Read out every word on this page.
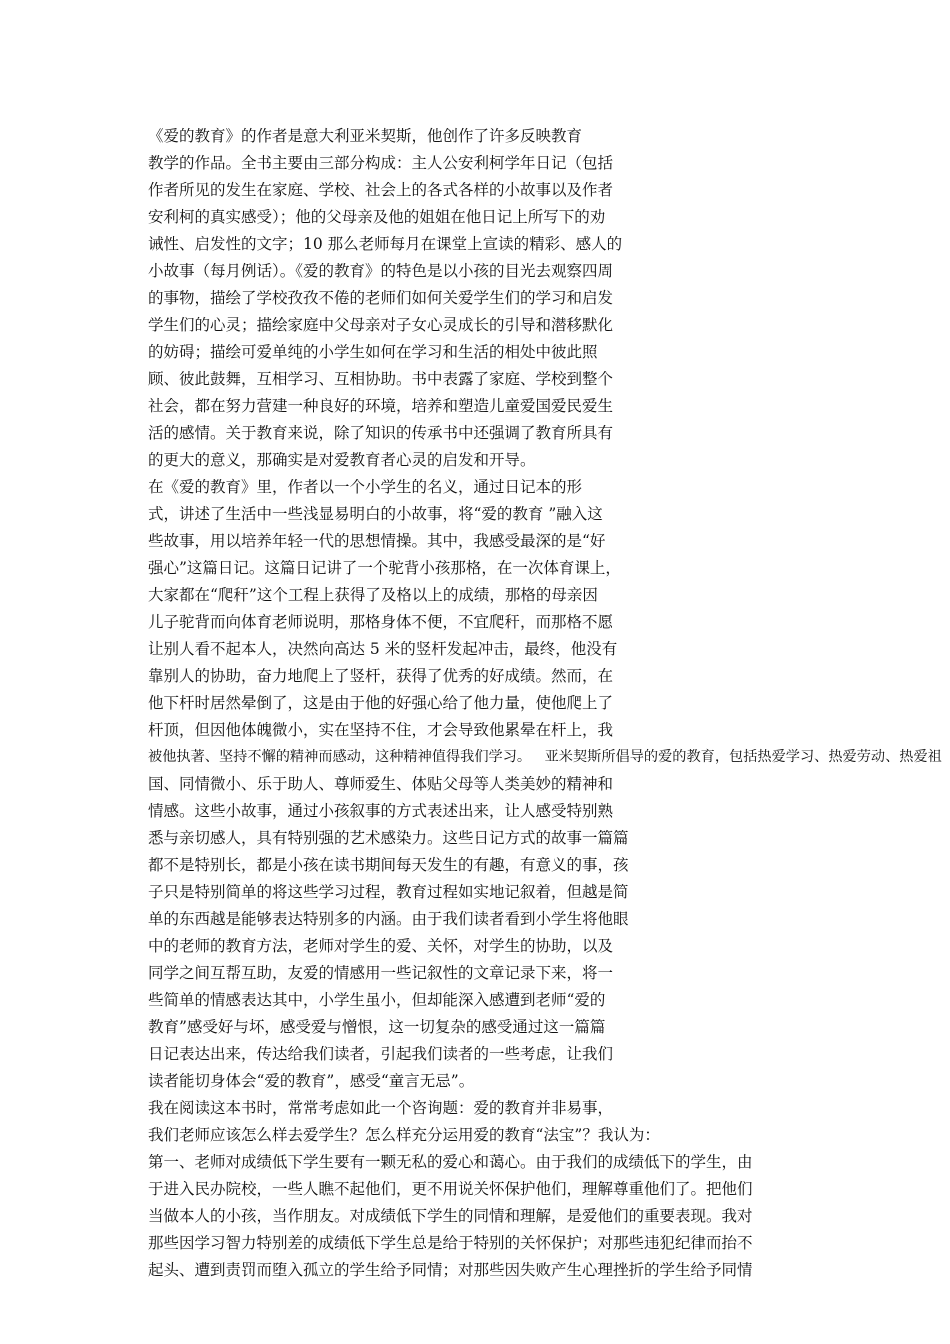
《爱的教育》的作者是意大利亚米契斯，他创作了许多反映教育
教学的作品。全书主要由三部分构成：主人公安利柯学年日记（包括
作者所见的发生在家庭、学校、社会上的各式各样的小故事以及作者
安利柯的真实感受）；他的父母亲及他的姐姐在他日记上所写下的劝
诫性、启发性的文字；10 那么老师每月在课堂上宣读的精彩、感人的
小故事（每月例话）。《爱的教育》的特色是以小孩的目光去观察四周
的事物，描绘了学校孜孜不倦的老师们如何关爱学生们的学习和启发
学生们的心灵；描绘家庭中父母亲对子女心灵成长的引导和潜移默化
的妨碍；描绘可爱单纯的小学生如何在学习和生活的相处中彼此照
顾、彼此鼓舞，互相学习、互相协助。书中表露了家庭、学校到整个
社会，都在努力营建一种良好的环境，培养和塑造儿童爱国爱民爱生
活的感情。关于教育来说，除了知识的传承书中还强调了教育所具有
的更大的意义，那确实是对爱教育者心灵的启发和开导。
在《爱的教育》里，作者以一个小学生的名义，通过日记本的形
式，讲述了生活中一些浅显易明白的小故事，将“爱的教育 ”融入这
些故事，用以培养年轻一代的思想情操。其中，我感受最深的是“好
强心”这篇日记。这篇日记讲了一个驼背小孩那格，在一次体育课上，
大家都在“爬秆”这个工程上获得了及格以上的成绩，那格的母亲因
儿子驼背而向体育老师说明，那格身体不便，不宜爬秆，而那格不愿
让别人看不起本人，决然向高达 5 米的竖杆发起冲击，最终，他没有
靠别人的协助，奋力地爬上了竖杆，获得了优秀的好成绩。然而，在
他下杆时居然晕倒了，这是由于他的好强心给了他力量，使他爬上了
杆顶，但因他体魄微小，实在坚持不住，才会导致他累晕在杆上，我
被他执著、坚持不懈的精神而感动，这种精神值得我们学习。   亚米契斯所倡导的爱的教育，包括热爱学习、热爱劳动、热爱祖
国、同情微小、乐于助人、尊师爱生、体贴父母等人类美妙的精神和
情感。这些小故事，通过小孩叙事的方式表述出来，让人感受特别熟
悉与亲切感人，具有特别强的艺术感染力。这些日记方式的故事一篇篇
都不是特别长，都是小孩在读书期间每天发生的有趣，有意义的事，孩
子只是特别简单的将这些学习过程，教育过程如实地记叙着，但越是简
单的东西越是能够表达特别多的内涵。由于我们读者看到小学生将他眼
中的老师的教育方法，老师对学生的爱、关怀，对学生的协助，以及
同学之间互帮互助，友爱的情感用一些记叙性的文章记录下来，将一
些简单的情感表达其中，小学生虽小，但却能深入感遭到老师“爱的
教育”感受好与坏，感受爱与憎恨，这一切复杂的感受通过这一篇篇
日记表达出来，传达给我们读者，引起我们读者的一些考虑，让我们
读者能切身体会“爱的教育”，感受“童言无忌”。
我在阅读这本书时，常常考虑如此一个咨询题：爱的教育并非易事，
我们老师应该怎么样去爱学生？怎么样充分运用爱的教育“法宝”？我认为：
第一、老师对成绩低下学生要有一颗无私的爱心和蔼心。由于我们的成绩低下的学生，由
于进入民办院校，一些人瞧不起他们，更不用说关怀保护他们，理解尊重他们了。把他们
当做本人的小孩，当作朋友。对成绩低下学生的同情和理解，是爱他们的重要表现。我对
那些因学习智力特别差的成绩低下学生总是给于特别的关怀保护；对那些违犯纪律而抬不
起头、遭到责罚而堕入孤立的学生给予同情；对那些因失败产生心理挫折的学生给予同情
